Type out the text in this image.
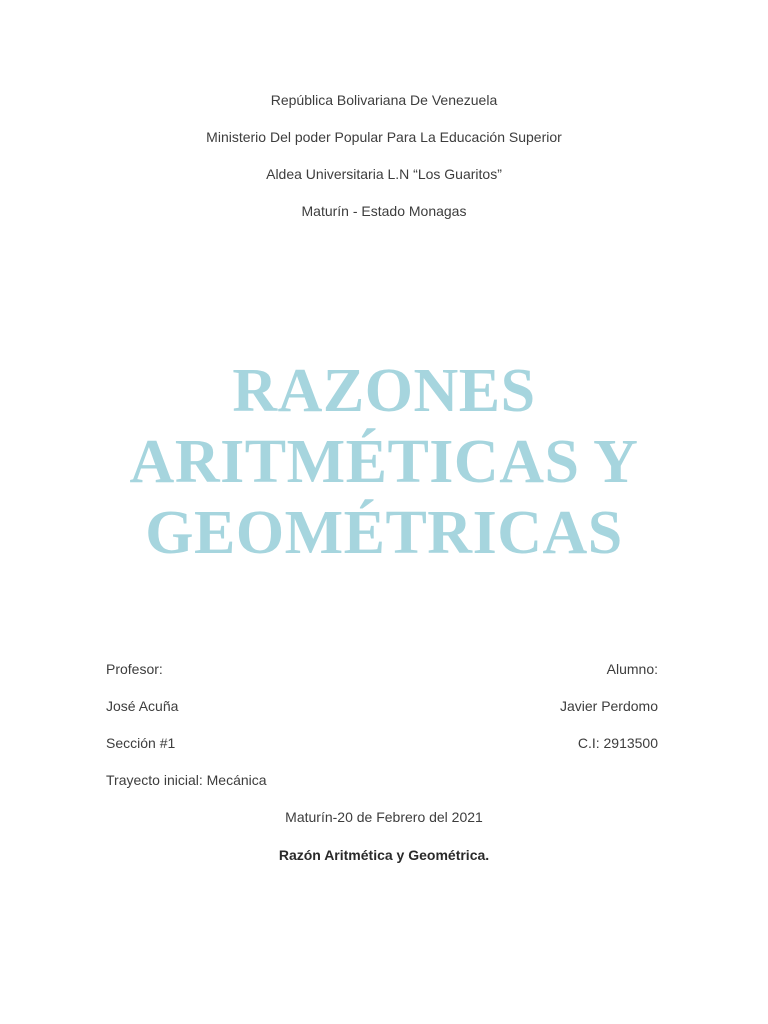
República Bolivariana De Venezuela
Ministerio Del poder Popular Para La Educación Superior
Aldea Universitaria L.N “Los Guaritos”
Maturín - Estado Monagas
RAZONES
ARITMÉTICAS Y
GEOMÉTRICAS
Profesor:	Alumno:
José Acuña	Javier Perdomo
Sección #1	C.I: 2913500
Trayecto inicial: Mecánica
Maturín-20 de Febrero del 2021
Razón Aritmética y Geométrica.
